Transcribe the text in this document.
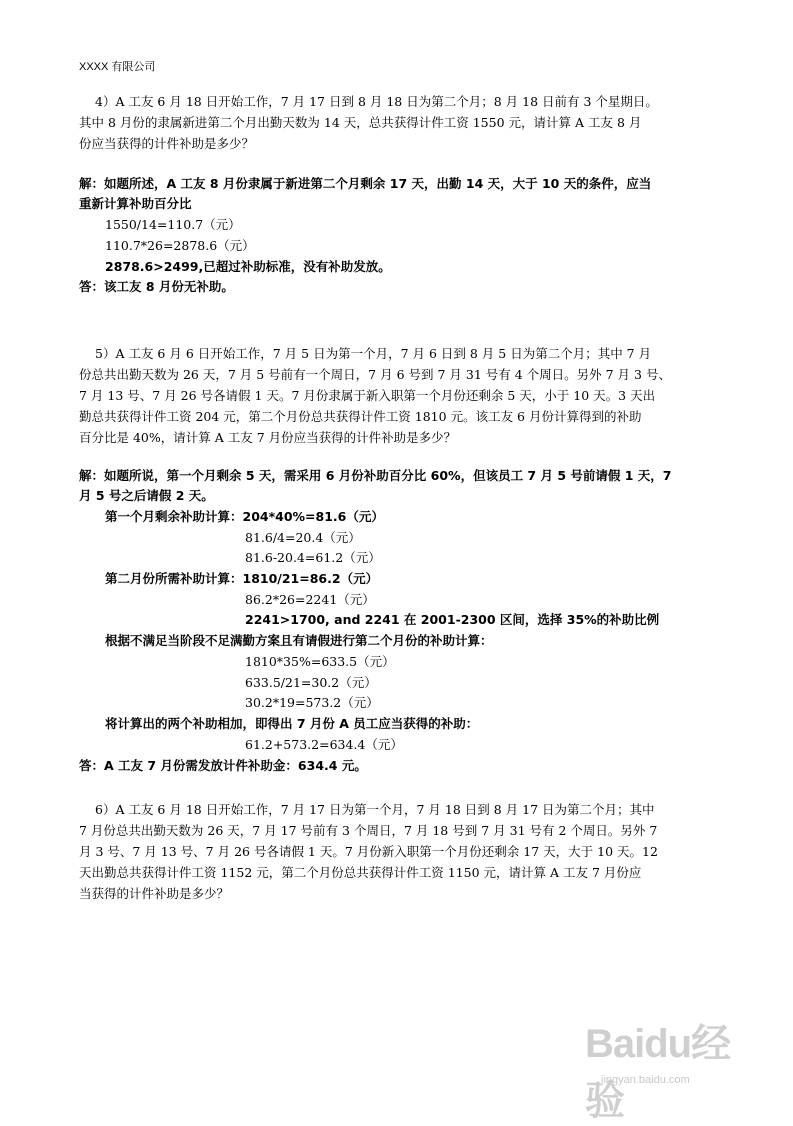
XXXX 有限公司
4）A 工友 6 月 18 日开始工作，7 月 17 日到 8 月 18 日为第二个月；8 月 18 日前有 3 个星期日。
其中 8 月份的隶属新进第二个月出勤天数为 14 天，总共获得计件工资 1550 元，请计算 A 工友 8 月
份应当获得的计件补助是多少？
解：如题所述，A 工友 8 月份隶属于新进第二个月剩余 17 天，出勤 14 天，大于 10 天的条件，应当
重新计算补助百分比
1550/14=110.7（元）
110.7*26=2878.6（元）
2878.6>2499,已超过补助标准，没有补助发放。
答：该工友 8 月份无补助。
5）A 工友 6 月 6 日开始工作，7 月 5 日为第一个月，7 月 6 日到 8 月 5 日为第二个月；其中 7 月
份总共出勤天数为 26 天，7 月 5 号前有一个周日，7 月 6 号到 7 月 31 号有 4 个周日。另外 7 月 3 号、
7 月 13 号、7 月 26 号各请假 1 天。7 月份隶属于新入职第一个月份还剩余 5 天，小于 10 天。3 天出
勤总共获得计件工资 204 元，第二个月份总共获得计件工资 1810 元。该工友 6 月份计算得到的补助
百分比是 40%，请计算 A 工友 7 月份应当获得的计件补助是多少？
解：如题所说，第一个月剩余 5 天，需采用 6 月份补助百分比 60%，但该员工 7 月 5 号前请假 1 天，7
月 5 号之后请假 2 天。
第一个月剩余补助计算：204*40%=81.6（元）
81.6/4=20.4（元）
81.6-20.4=61.2（元）
第二月份所需补助计算：1810/21=86.2（元）
86.2*26=2241（元）
2241>1700, and 2241 在 2001-2300 区间，选择 35%的补助比例
根据不满足当阶段不足满勤方案且有请假进行第二个月份的补助计算：
1810*35%=633.5（元）
633.5/21=30.2（元）
30.2*19=573.2（元）
将计算出的两个补助相加，即得出 7 月份 A 员工应当获得的补助：
61.2+573.2=634.4（元）
答：A 工友 7 月份需发放计件补助金：634.4 元。
6）A 工友 6 月 18 日开始工作，7 月 17 日为第一个月，7 月 18 日到 8 月 17 日为第二个月；其中
7 月份总共出勤天数为 26 天，7 月 17 号前有 3 个周日，7 月 18 号到 7 月 31 号有 2 个周日。另外 7
月 3 号、7 月 13 号、7 月 26 号各请假 1 天。7 月份新入职第一个月份还剩余 17 天，大于 10 天。12
天出勤总共获得计件工资 1152 元，第二个月份总共获得计件工资 1150 元，请计算 A 工友 7 月份应
当获得的计件补助是多少？
Baidu经验
jingyan.baidu.com
